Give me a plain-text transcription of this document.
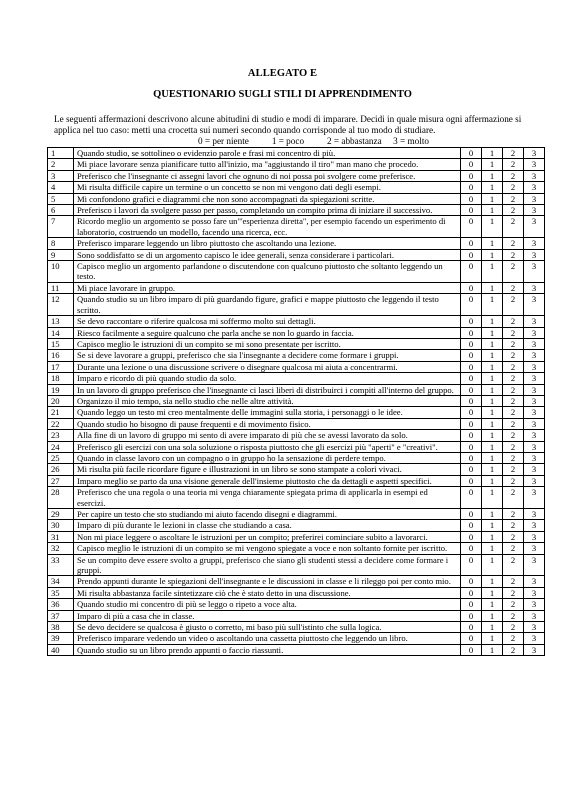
ALLEGATO E
QUESTIONARIO SUGLI STILI DI APPRENDIMENTO
Le seguenti affermazioni descrivono alcune abitudini di studio e modi di imparare. Decidi in quale misura ogni affermazione si applica nel tuo caso: metti una crocetta sui numeri secondo quando corrisponde al tuo modo di studiare.
0 = per niente          1 = poco          2 = abbastanza     3 = molto
1	Quando studio, se sottolineo o evidenzio parole e frasi mi concentro di più.	0	1	2	3
2	Mi piace lavorare senza pianificare tutto all'inizio, ma "aggiustando il tiro" man mano che procedo.	0	1	2	3
3	Preferisco che l'insegnante ci assegni lavori che ognuno di noi possa poi svolgere come preferisce.	0	1	2	3
4	Mi risulta difficile capire un termine o un concetto se non mi vengono dati degli esempi.	0	1	2	3
5	Mi confondono grafici e diagrammi che non sono accompagnati da spiegazioni scritte.	0	1	2	3
6	Preferisco i lavori da svolgere passo per passo, completando un compito prima di iniziare il successivo.	0	1	2	3
7	Ricordo meglio un argomento se posso fare un"'esperienza diretta", per esempio facendo un esperimento di laboratorio, costruendo un modello, facendo una ricerca, ecc.	0	1	2	3
8	Preferisco imparare leggendo un libro piuttosto che ascoltando una lezione.	0	1	2	3
9	Sono soddisfatto se di un argomento capisco le idee generali, senza considerare i particolari.	0	1	2	3
10	Capisco meglio un argomento parlandone o discutendone con qualcuno piuttosto che soltanto leggendo un testo.	0	1	2	3
11	Mi piace lavorare in gruppo.	0	1	2	3
12	Quando studio su un libro imparo di più guardando figure, grafici e mappe piuttosto che leggendo il testo scritto.	0	1	2	3
13	Se devo raccontare o riferire qualcosa mi soffermo molto sui dettagli.	0	1	2	3
14	Riesco facilmente a seguire qualcuno che parla anche se non lo guardo in faccia.	0	1	2	3
15	Capisco meglio le istruzioni di un compito se mi sono presentate per iscritto.	0	1	2	3
16	Se si deve lavorare a gruppi, preferisco che sia l'insegnante a decidere come formare i gruppi.	0	1	2	3
17	Durante una lezione o una discussione scrivere o disegnare qualcosa mi aiuta a concentrarmi.	0	1	2	3
18	Imparo e ricordo di più quando studio da solo.	0	1	2	3
19	In un lavoro di gruppo preferisco che l'insegnante ci lasci liberi di distribuirci i compiti all'interno del gruppo.	0	1	2	3
20	Organizzo il mio tempo, sia nello studio che nelle altre attività.	0	1	2	3
21	Quando leggo un testo mi creo mentalmente delle immagini sulla storia, i personaggi o le idee.	0	1	2	3
22	Quando studio ho bisogno di pause frequenti e di movimento fisico.	0	1	2	3
23	Alla fine di un lavoro di gruppo mi sento di avere imparato di più che se avessi lavorato da solo.	0	1	2	3
24	Preferisco gli esercizi con una sola soluzione o risposta piuttosto che gli esercizi più "aperti" e "creativi".	0	1	2	3
25	Quando in classe lavoro con un compagno o in gruppo ho la sensazione di perdere tempo.	0	1	2	3
26	Mi risulta più facile ricordare figure e illustrazioni in un libro se sono stampate a colori vivaci.	0	1	2	3
27	Imparo meglio se parto da una visione generale dell'insieme piuttosto che da dettagli e aspetti specifici.	0	1	2	3
28	Preferisco che una regola o una teoria mi venga chiaramente spiegata prima di applicarla in esempi ed esercizi.	0	1	2	3
29	Per capire un testo che sto studiando mi aiuto facendo disegni e diagrammi.	0	1	2	3
30	Imparo di più durante le lezioni in classe che studiando a casa.	0	1	2	3
31	Non mi piace leggere o ascoltare le istruzioni per un compito; preferirei cominciare subito a lavorarci.	0	1	2	3
32	Capisco meglio le istruzioni di un compito se mi vengono spiegate a voce e non soltanto fornite per iscritto.	0	1	2	3
33	Se un compito deve essere svolto a gruppi, preferisco che siano gli studenti stessi a decidere come formare i gruppi.	0	1	2	3
34	Prendo appunti durante le spiegazioni dell'insegnante e le discussioni in classe e li rileggo poi per conto mio.	0	1	2	3
35	Mi risulta abbastanza facile sintetizzare ciò che è stato detto in una discussione.	0	1	2	3
36	Quando studio mi concentro di più se leggo o ripeto a voce alta.	0	1	2	3
37	Imparo di più a casa che in classe.	0	1	2	3
38	Se devo decidere se qualcosa è giusto o corretto, mi baso più sull'istinto che sulla logica.	0	1	2	3
39	Preferisco imparare vedendo un video o ascoltando una cassetta piuttosto che leggendo un libro.	0	1	2	3
40	Quando studio su un libro prendo appunti o faccio riassunti.	0	1	2	3
